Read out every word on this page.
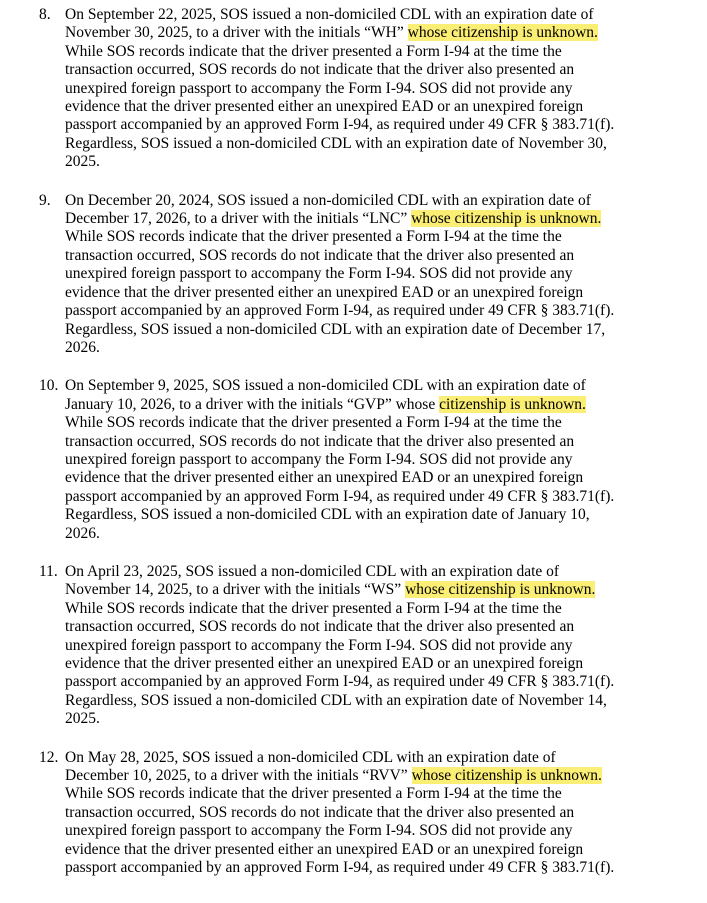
8. On September 22, 2025, SOS issued a non-domiciled CDL with an expiration date of
November 30, 2025, to a driver with the initials “WH” whose citizenship is unknown.
While SOS records indicate that the driver presented a Form I-94 at the time the
transaction occurred, SOS records do not indicate that the driver also presented an
unexpired foreign passport to accompany the Form I-94. SOS did not provide any
evidence that the driver presented either an unexpired EAD or an unexpired foreign
passport accompanied by an approved Form I-94, as required under 49 CFR § 383.71(f).
Regardless, SOS issued a non-domiciled CDL with an expiration date of November 30,
2025.
9. On December 20, 2024, SOS issued a non-domiciled CDL with an expiration date of
December 17, 2026, to a driver with the initials “LNC” whose citizenship is unknown.
While SOS records indicate that the driver presented a Form I-94 at the time the
transaction occurred, SOS records do not indicate that the driver also presented an
unexpired foreign passport to accompany the Form I-94. SOS did not provide any
evidence that the driver presented either an unexpired EAD or an unexpired foreign
passport accompanied by an approved Form I-94, as required under 49 CFR § 383.71(f).
Regardless, SOS issued a non-domiciled CDL with an expiration date of December 17,
2026.
10. On September 9, 2025, SOS issued a non-domiciled CDL with an expiration date of
January 10, 2026, to a driver with the initials “GVP” whose citizenship is unknown.
While SOS records indicate that the driver presented a Form I-94 at the time the
transaction occurred, SOS records do not indicate that the driver also presented an
unexpired foreign passport to accompany the Form I-94. SOS did not provide any
evidence that the driver presented either an unexpired EAD or an unexpired foreign
passport accompanied by an approved Form I-94, as required under 49 CFR § 383.71(f).
Regardless, SOS issued a non-domiciled CDL with an expiration date of January 10,
2026.
11. On April 23, 2025, SOS issued a non-domiciled CDL with an expiration date of
November 14, 2025, to a driver with the initials “WS” whose citizenship is unknown.
While SOS records indicate that the driver presented a Form I-94 at the time the
transaction occurred, SOS records do not indicate that the driver also presented an
unexpired foreign passport to accompany the Form I-94. SOS did not provide any
evidence that the driver presented either an unexpired EAD or an unexpired foreign
passport accompanied by an approved Form I-94, as required under 49 CFR § 383.71(f).
Regardless, SOS issued a non-domiciled CDL with an expiration date of November 14,
2025.
12. On May 28, 2025, SOS issued a non-domiciled CDL with an expiration date of
December 10, 2025, to a driver with the initials “RVV” whose citizenship is unknown.
While SOS records indicate that the driver presented a Form I-94 at the time the
transaction occurred, SOS records do not indicate that the driver also presented an
unexpired foreign passport to accompany the Form I-94. SOS did not provide any
evidence that the driver presented either an unexpired EAD or an unexpired foreign
passport accompanied by an approved Form I-94, as required under 49 CFR § 383.71(f).
